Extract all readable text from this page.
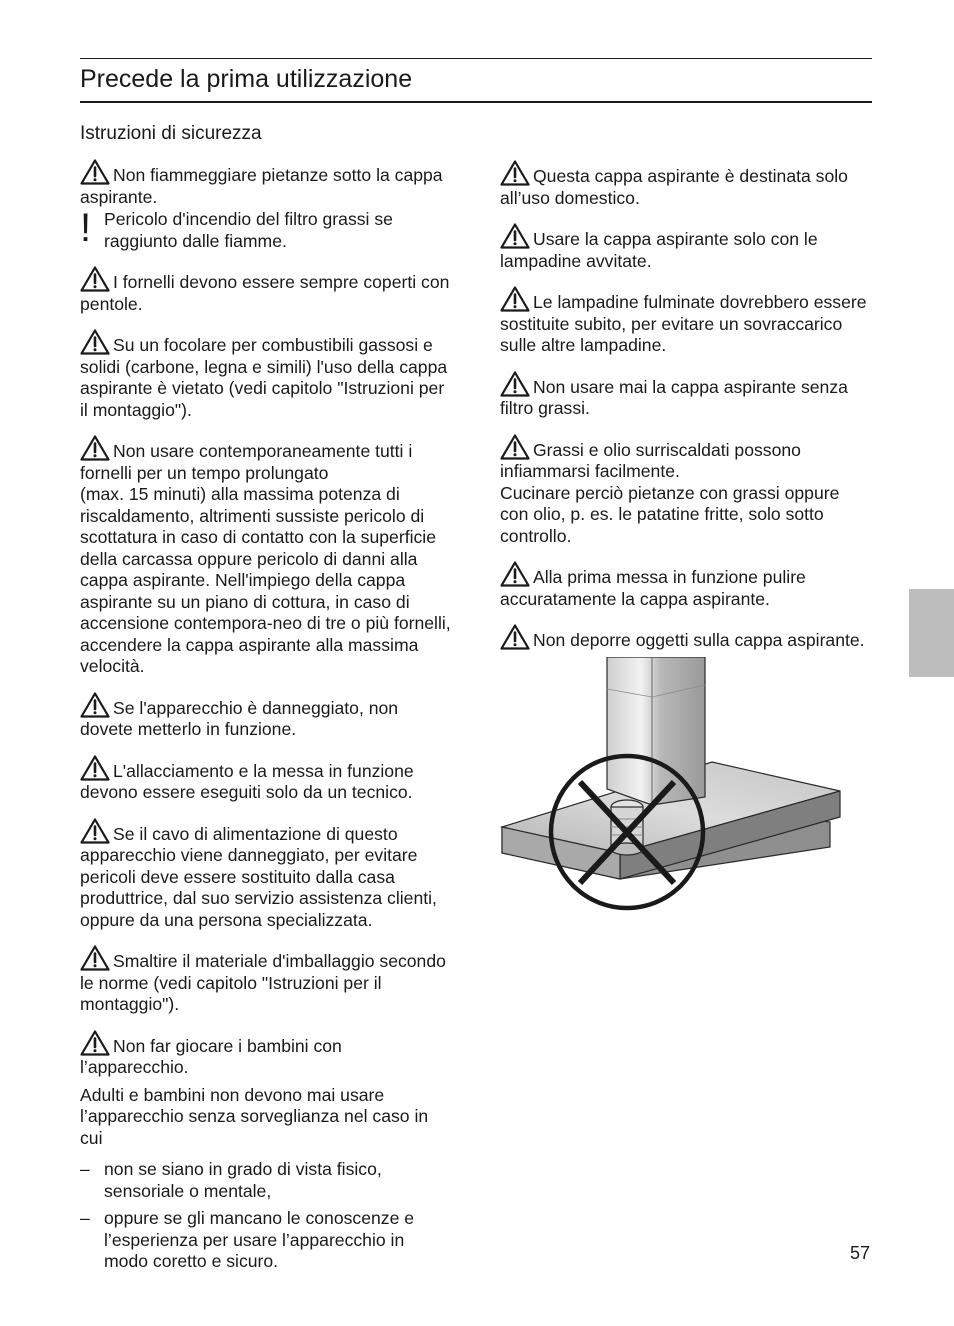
Precede la prima utilizzazione
Istruzioni di sicurezza

Non fiammeggiare pietanze sotto la cappa aspirante.

! Pericolo d'incendio del filtro grassi se raggiunto dalle fiamme.

I fornelli devono essere sempre coperti con pentole.

Su un focolare per combustibili gassosi e solidi (carbone, legna e simili) l'uso della cappa aspirante è vietato (vedi capitolo "Istruzioni per il montaggio").

Non usare contemporaneamente tutti i fornelli per un tempo prolungato
(max. 15 minuti) alla massima potenza di riscaldamento, altrimenti sussiste pericolo di scottatura in caso di contatto con la superficie della carcassa oppure pericolo di danni alla cappa aspirante. Nell'impiego della cappa aspirante su un piano di cottura, in caso di accensione contempora-neo di tre o più fornelli, accendere la cappa aspirante alla massima velocità.

Se l'apparecchio è danneggiato, non dovete metterlo in funzione.

L'allacciamento e la messa in funzione devono essere eseguiti solo da un tecnico.

Se il cavo di alimentazione di questo apparecchio viene danneggiato, per evitare pericoli deve essere sostituito dalla casa produttrice, dal suo servizio assistenza clienti, oppure da una persona specializzata.

Smaltire il materiale d'imballaggio secondo le norme (vedi capitolo "Istruzioni per il montaggio").

Non far giocare i bambini con l’apparecchio.

Adulti e bambini non devono mai usare l’apparecchio senza sorveglianza nel caso in cui

– non se siano in grado di vista fisico, sensoriale o mentale,
– oppure se gli mancano le conoscenze e l’esperienza per usare l’apparecchio in modo coretto e sicuro.

Questa cappa aspirante è destinata solo all’uso domestico.

Usare la cappa aspirante solo con le lampadine avvitate.

Le lampadine fulminate dovrebbero essere sostituite subito, per evitare un sovraccarico sulle altre lampadine.

Non usare mai la cappa aspirante senza filtro grassi.

Grassi e olio surriscaldati possono infiammarsi facilmente.
Cucinare perciò pietanze con grassi oppure con olio, p. es. le patatine fritte, solo sotto controllo.

Alla prima messa in funzione pulire accuratamente la cappa aspirante.

Non deporre oggetti sulla cappa aspirante.

57
